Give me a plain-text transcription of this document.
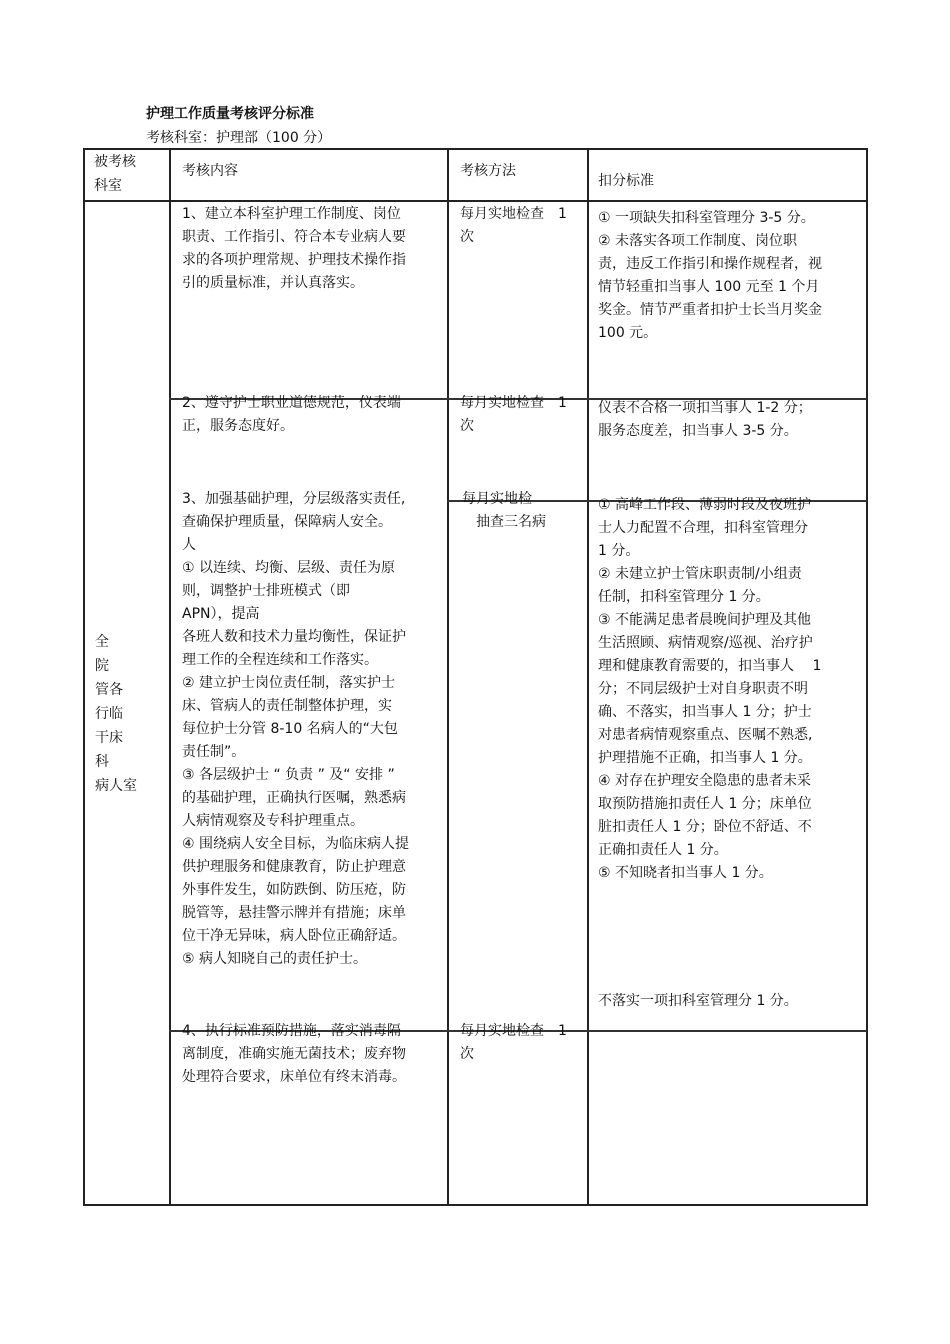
护理工作质量考核评分标准
考核科室：护理部（100 分）

被考核

科室

考核内容	考核方法
扣分标准

全

院

管各

行临

干床

科

病人室

1、建立本科室护理工作制度、岗位

职责、工作指引、符合本专业病人要

求的各项护理常规、护理技术操作指

引的质量标准，并认真落实。

每月实地检查　1

次

① 一项缺失扣科室管理分 3-5 分。

② 未落实各项工作制度、岗位职

责，违反工作指引和操作规程者，视

情节轻重扣当事人 100 元至 1 个月

奖金。情节严重者扣护士长当月奖金

100 元。

2、遵守护士职业道德规范，仪表端

正，服务态度好。

每月实地检查　1

次

仪表不合格一项扣当事人 1-2 分；

服务态度差，扣当事人 3-5 分。

3、加强基础护理，分层级落实责任,

查确保护理质量，保障病人安全。

人

① 以连续、均衡、层级、责任为原

则，调整护士排班模式（即

APN），提高

各班人数和技术力量均衡性，保证护

理工作的全程连续和工作落实。

② 建立护士岗位责任制，落实护士

床、管病人的责任制整体护理，实

每位护士分管 8-10 名病人的“大包

责任制”。

③ 各层级护士 “ 负责 ” 及“ 安排 ”

的基础护理，正确执行医嘱，熟悉病

人病情观察及专科护理重点。

④ 围绕病人安全目标，为临床病人提

供护理服务和健康教育，防止护理意

外事件发生，如防跌倒、防压疮，防

脱管等，悬挂警示牌并有措施；床单

位干净无异味，病人卧位正确舒适。

⑤ 病人知晓自己的责任护士。

每月实地检

抽查三名病

① 高峰工作段、薄弱时段及夜班护

士人力配置不合理，扣科室管理分

1 分。

② 未建立护士管床职责制/小组责

任制，扣科室管理分 1 分。

③ 不能满足患者晨晚间护理及其他

生活照顾、病情观察/巡视、治疗护

理和健康教育需要的，扣当事人　 1

分；不同层级护士对自身职责不明

确、不落实，扣当事人 1 分；护士

对患者病情观察重点、医嘱不熟悉,

护理措施不正确，扣当事人 1 分。

④ 对存在护理安全隐患的患者未采

取预防措施扣责任人 1 分；床单位

脏扣责任人 1 分；卧位不舒适、不

正确扣责任人 1 分。

⑤ 不知晓者扣当事人 1 分。

4、执行标准预防措施，落实消毒隔

离制度，准确实施无菌技术；废弃物

处理符合要求，床单位有终末消毒。

每月实地检查　1

次

不落实一项扣科室管理分 1 分。
